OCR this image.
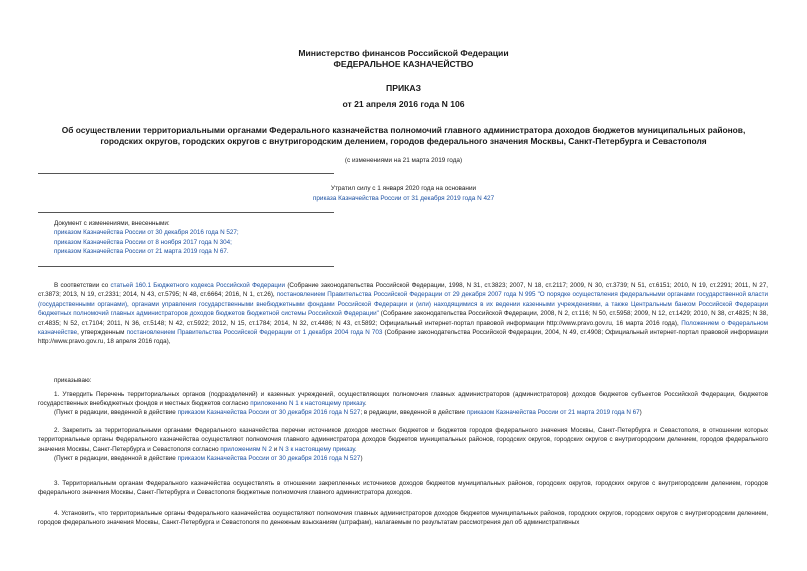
Министерство финансов Российской Федерации
ФЕДЕРАЛЬНОЕ КАЗНАЧЕЙСТВО
ПРИКАЗ
от 21 апреля 2016 года N 106
Об осуществлении территориальными органами Федерального казначейства полномочий главного администратора доходов бюджетов муниципальных районов,
городских округов, городских округов с внутригородским делением, городов федерального значения Москвы, Санкт-Петербурга и Севастополя
(с изменениями на 21 марта 2019 года)
Утратил силу с 1 января 2020 года на основании
приказа Казначейства России от 31 декабря 2019 года N 427
Документ с изменениями, внесенными:
приказом Казначейства России от 30 декабря 2016 года N 527;
приказом Казначейства России от 8 ноября 2017 года N 304;
приказом Казначейства России от 21 марта 2019 года N 67.
В соответствии со статьей 160.1 Бюджетного кодекса Российской Федерации (Собрание законодательства Российской Федерации, 1998, N 31, ст.3823; 2007, N 18, ст.2117; 2009, N 30, ст.3739; N 51, ст.6151; 2010, N 19, ст.2291; 2011, N 27, ст.3873; 2013, N 19, ст.2331; 2014, N 43, ст.5795; N 48, ст.6664; 2016, N 1, ст.26), постановлением Правительства Российской Федерации от 29 декабря 2007 года N 995 "О порядке осуществления федеральными органами государственной власти (государственными органами), органами управления государственными внебюджетными фондами Российской Федерации и (или) находящимися в их ведении казенными учреждениями, а также Центральным банком Российской Федерации бюджетных полномочий главных администраторов доходов бюджетов бюджетной системы Российской Федерации" (Собрание законодательства Российской Федерации, 2008, N 2, ст.116; N 50, ст.5958; 2009, N 12, ст.1429; 2010, N 38, ст.4825; N 38, ст.4835; N 52, ст.7104; 2011, N 36, ст.5148; N 42, ст.5922; 2012, N 15, ст.1784; 2014, N 32, ст.4486; N 43, ст.5892; Официальный интернет-портал правовой информации http://www.pravo.gov.ru, 16 марта 2016 года), Положением о Федеральном казначействе, утвержденным постановлением Правительства Российской Федерации от 1 декабря 2004 года N 703 (Собрание законодательства Российской Федерации, 2004, N 49, ст.4908; Официальный интернет-портал правовой информации http://www.pravo.gov.ru, 18 апреля 2016 года),
приказываю:
1. Утвердить Перечень территориальных органов (подразделений) и казенных учреждений, осуществляющих полномочия главных администраторов (администраторов) доходов бюджетов субъектов Российской Федерации, бюджетов государственных внебюджетных фондов и местных бюджетов согласно приложению N 1 к настоящему приказу.
(Пункт в редакции, введенной в действие приказом Казначейства России от 30 декабря 2016 года N 527; в редакции, введенной в действие приказом Казначейства России от 21 марта 2019 года N 67)
2. Закрепить за территориальными органами Федерального казначейства перечни источников доходов местных бюджетов и бюджетов городов федерального значения Москвы, Санкт-Петербурга и Севастополя, в отношении которых территориальные органы Федерального казначейства осуществляют полномочия главного администратора доходов бюджетов муниципальных районов, городских округов, городских округов с внутригородским делением, городов федерального значения Москвы, Санкт-Петербурга и Севастополя согласно приложениям N 2 и N 3 к настоящему приказу.
(Пункт в редакции, введенной в действие приказом Казначейства России от 30 декабря 2016 года N 527)
3. Территориальным органам Федерального казначейства осуществлять в отношении закрепленных источников доходов бюджетов муниципальных районов, городских округов, городских округов с внутригородским делением, городов федерального значения Москвы, Санкт-Петербурга и Севастополя бюджетные полномочия главного администратора доходов.
4. Установить, что территориальные органы Федерального казначейства осуществляют полномочия главных администраторов доходов бюджетов муниципальных районов, городских округов, городских округов с внутригородским делением, городов федерального значения Москвы, Санкт-Петербурга и Севастополя по денежным взысканиям (штрафам), налагаемым по результатам рассмотрения дел об административных
